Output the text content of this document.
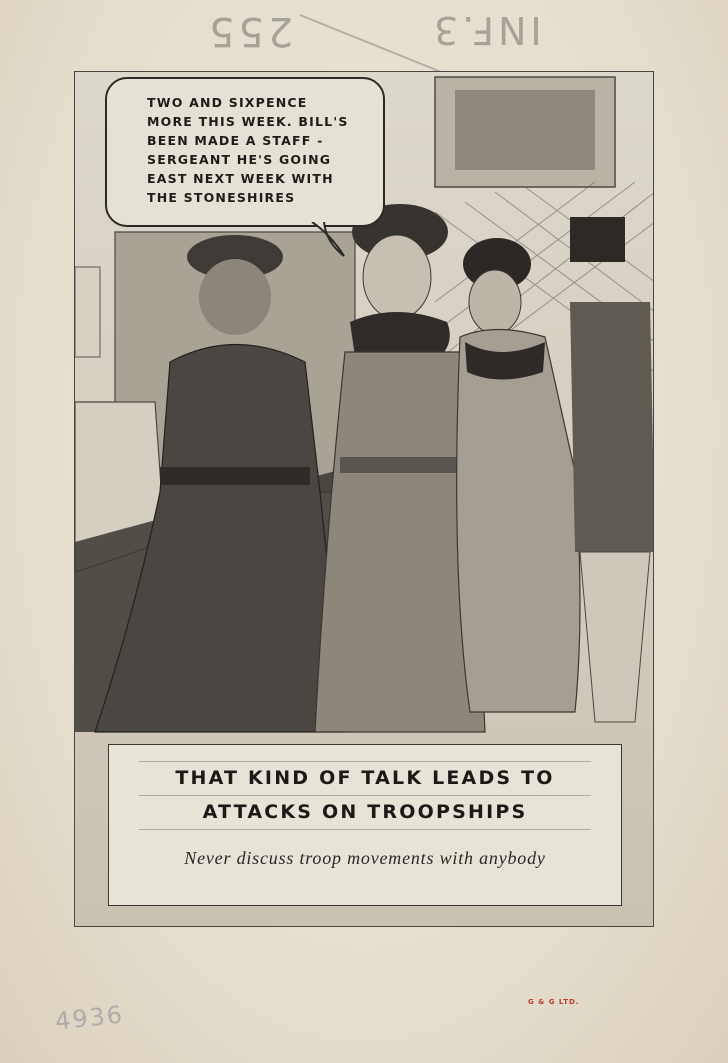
255	INF.3
TWO AND SIXPENCE
MORE THIS WEEK. BILL'S
BEEN MADE A STAFF -
SERGEANT HE'S GOING
EAST NEXT WEEK WITH
THE STONESHIRES
THAT KIND OF TALK LEADS TO
ATTACKS ON TROOPSHIPS
Never discuss troop movements with anybody
4936	G & G LTD.
